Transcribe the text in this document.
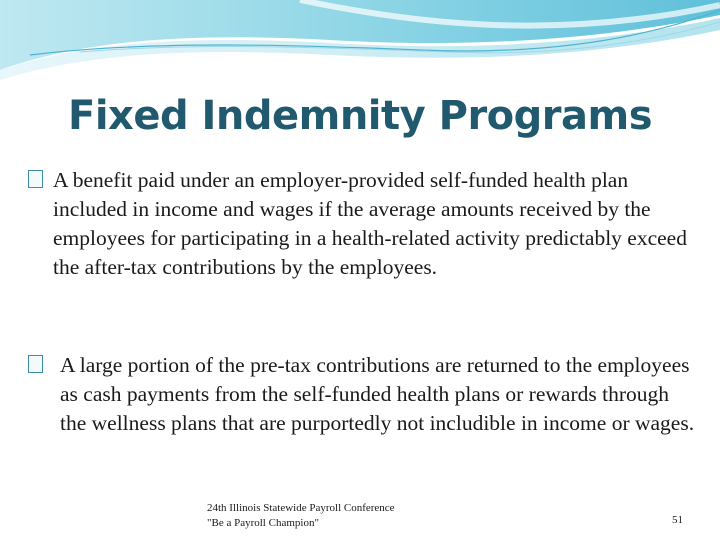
Fixed Indemnity Programs
A benefit paid under an employer-provided self-funded health plan included in income and wages if the average amounts received by the employees for participating in a health-related activity predictably exceed the after-tax contributions by the employees.
A large portion of the pre-tax contributions are returned to the employees as cash payments from the self-funded health plans or rewards through the wellness plans that are purportedly not includible in income or wages.
24th Illinois Statewide Payroll Conference
"Be a Payroll Champion"	51
